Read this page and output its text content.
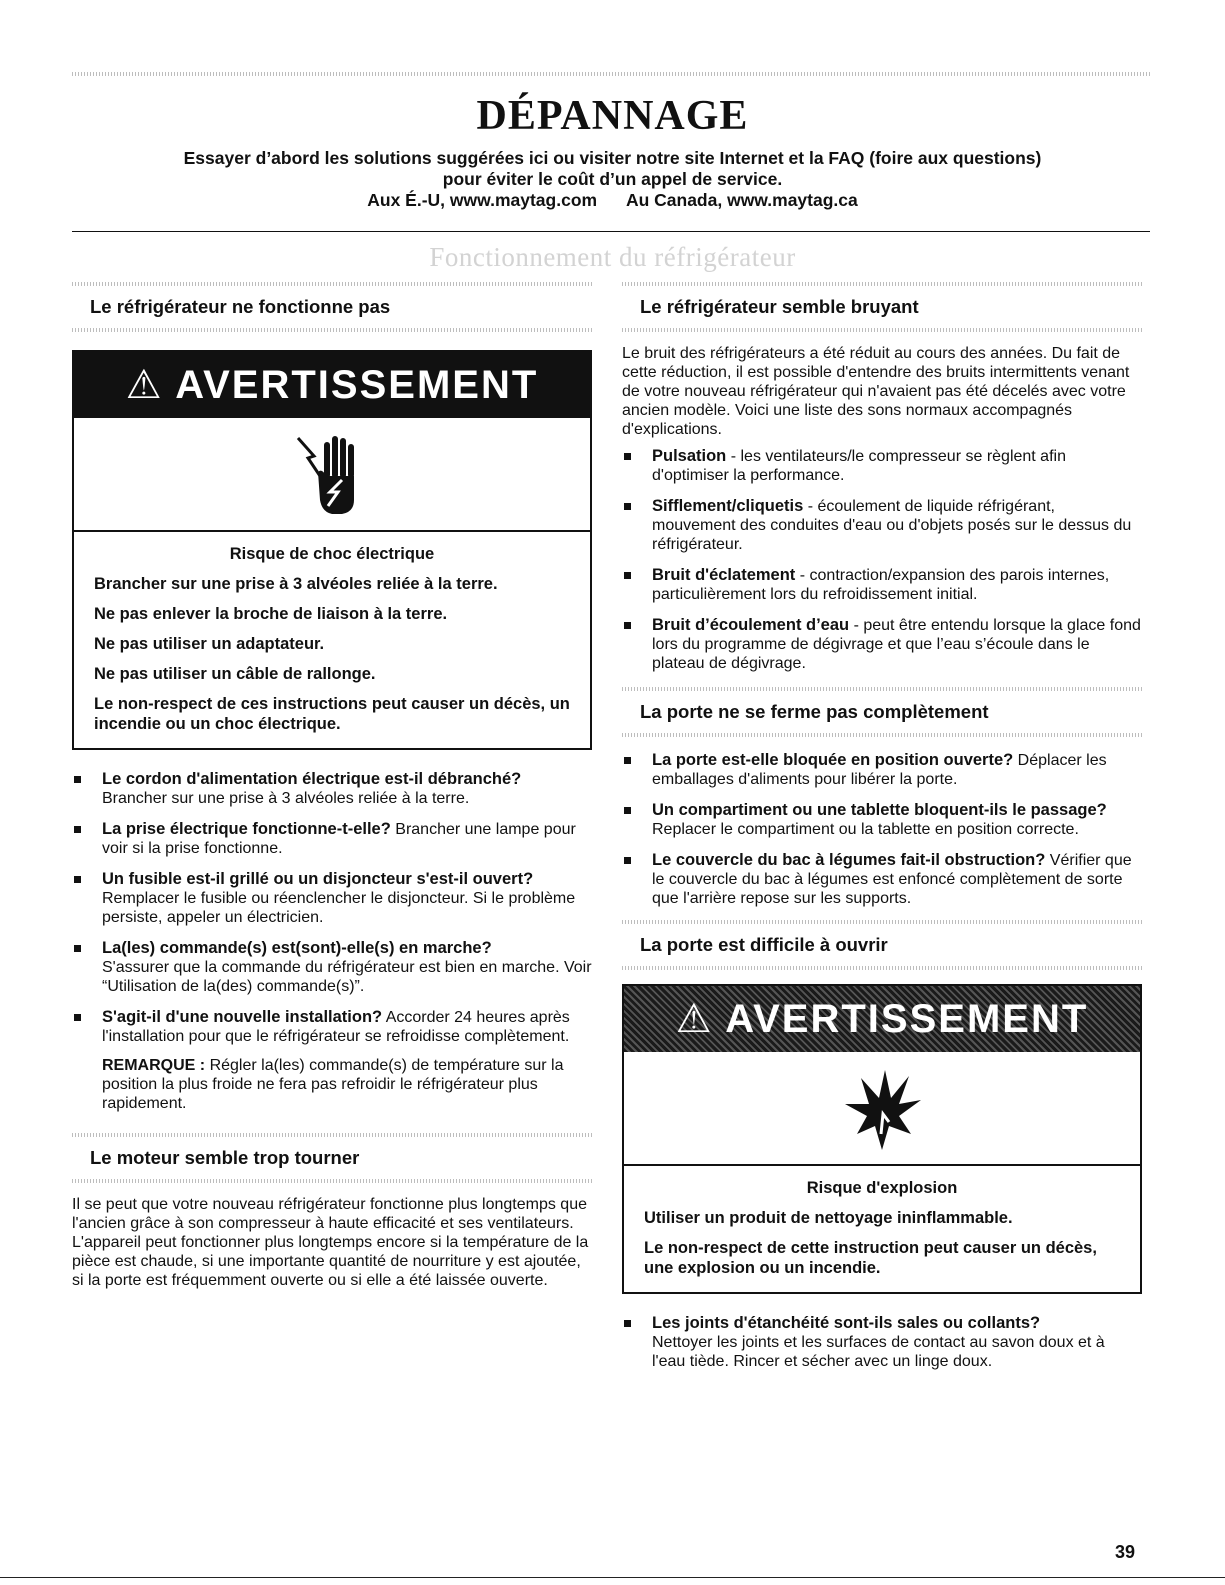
DÉPANNAGE
Essayer d’abord les solutions suggérées ici ou visiter notre site Internet et la FAQ (foire aux questions)
pour éviter le coût d’un appel de service.
Aux É.-U, www.maytag.com Au Canada, www.maytag.ca
Fonctionnement du réfrigérateur
Le réfrigérateur ne fonctionne pas
⚠ AVERTISSEMENT

Risque de choc électrique

Brancher sur une prise à 3 alvéoles reliée à la terre.

Ne pas enlever la broche de liaison à la terre.

Ne pas utiliser un adaptateur.

Ne pas utiliser un câble de rallonge.

Le non-respect de ces instructions peut causer un décès, un incendie ou un choc électrique.

Le cordon d'alimentation électrique est-il débranché?
Brancher sur une prise à 3 alvéoles reliée à la terre.
La prise électrique fonctionne-t-elle? Brancher une lampe pour voir si la prise fonctionne.
Un fusible est-il grillé ou un disjoncteur s'est-il ouvert?
Remplacer le fusible ou réenclencher le disjoncteur. Si le problème persiste, appeler un électricien.
La(les) commande(s) est(sont)-elle(s) en marche?
S'assurer que la commande du réfrigérateur est bien en marche. Voir “Utilisation de la(des) commande(s)”.
S'agit-il d'une nouvelle installation? Accorder 24 heures après l'installation pour que le réfrigérateur se refroidisse complètement.
REMARQUE : Régler la(les) commande(s) de température sur la position la plus froide ne fera pas refroidir le réfrigérateur plus rapidement.
Le moteur semble trop tourner

Il se peut que votre nouveau réfrigérateur fonctionne plus longtemps que l'ancien grâce à son compresseur à haute efficacité et ses ventilateurs. L'appareil peut fonctionner plus longtemps encore si la température de la pièce est chaude, si une importante quantité de nourriture y est ajoutée, si la porte est fréquemment ouverte ou si elle a été laissée ouverte.

Le réfrigérateur semble bruyant

Le bruit des réfrigérateurs a été réduit au cours des années. Du fait de cette réduction, il est possible d'entendre des bruits intermittents venant de votre nouveau réfrigérateur qui n'avaient pas été décelés avec votre ancien modèle. Voici une liste des sons normaux accompagnés d'explications.

Pulsation - les ventilateurs/le compresseur se règlent afin d'optimiser la performance.
Sifflement/cliquetis - écoulement de liquide réfrigérant, mouvement des conduites d'eau ou d'objets posés sur le dessus du réfrigérateur.
Bruit d'éclatement - contraction/expansion des parois internes, particulièrement lors du refroidissement initial.
Bruit d’écoulement d’eau - peut être entendu lorsque la glace fond lors du programme de dégivrage et que l’eau s’écoule dans le plateau de dégivrage.
La porte ne se ferme pas complètement
La porte est-elle bloquée en position ouverte? Déplacer les emballages d'aliments pour libérer la porte.
Un compartiment ou une tablette bloquent-ils le passage? Replacer le compartiment ou la tablette en position correcte.
Le couvercle du bac à légumes fait-il obstruction? Vérifier que le couvercle du bac à légumes est enfoncé complètement de sorte que l'arrière repose sur les supports.
La porte est difficile à ouvrir
⚠ AVERTISSEMENT

Risque d'explosion

Utiliser un produit de nettoyage ininflammable.

Le non-respect de cette instruction peut causer un décès, une explosion ou un incendie.

Les joints d'étanchéité sont-ils sales ou collants?
Nettoyer les joints et les surfaces de contact au savon doux et à l'eau tiède. Rincer et sécher avec un linge doux.
39
